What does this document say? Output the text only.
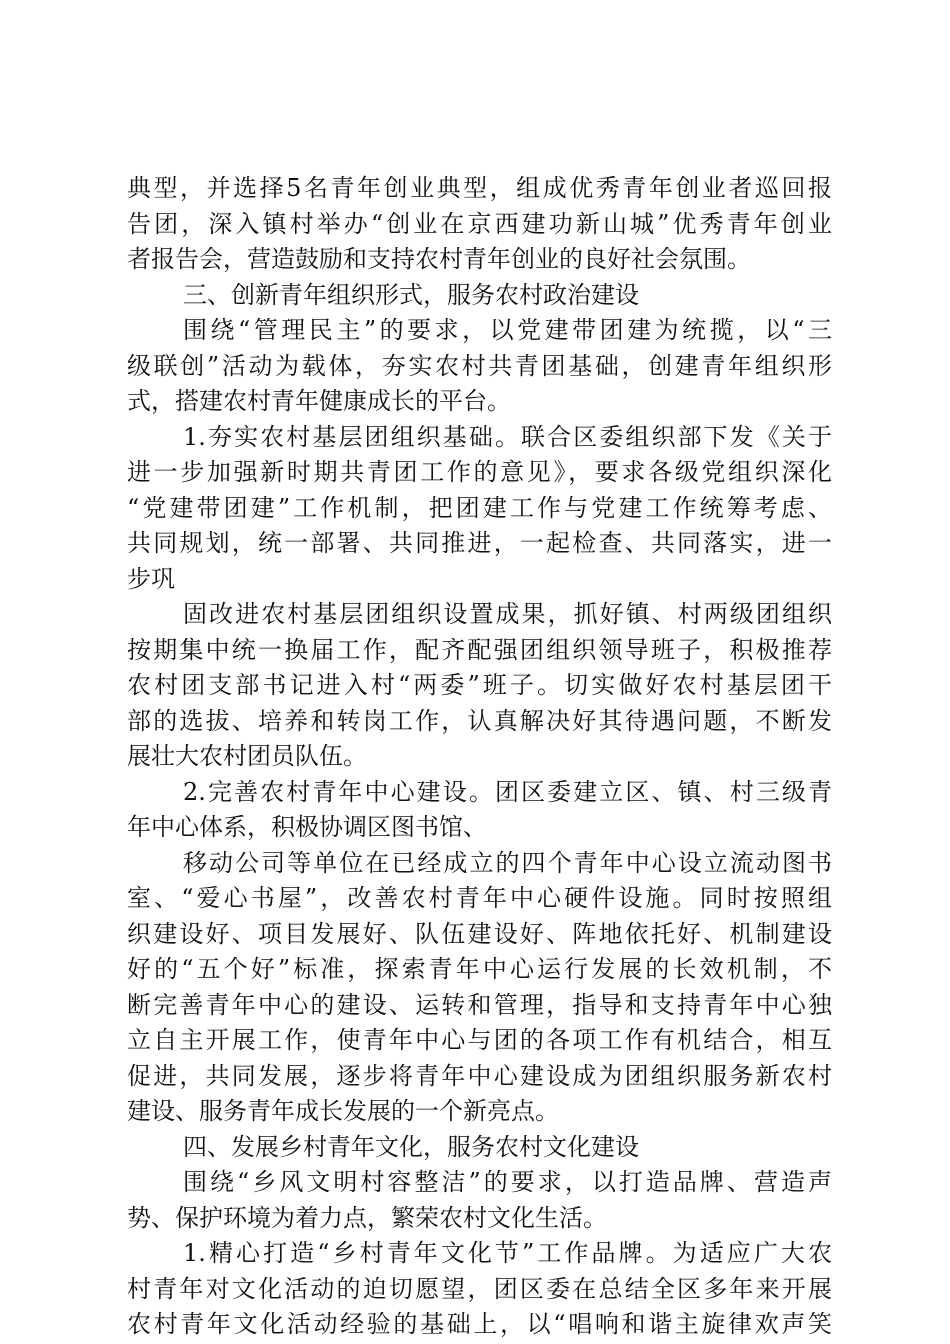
典型，并选择5名青年创业典型，组成优秀青年创业者巡回报
告团，深入镇村举办“创业在京西建功新山城”优秀青年创业
者报告会，营造鼓励和支持农村青年创业的良好社会氛围。
三、创新青年组织形式，服务农村政治建设
围绕“管理民主”的要求，以党建带团建为统揽，以“三
级联创”活动为载体，夯实农村共青团基础，创建青年组织形
式，搭建农村青年健康成长的平台。
1.夯实农村基层团组织基础。联合区委组织部下发《关于
进一步加强新时期共青团工作的意见》，要求各级党组织深化
“党建带团建”工作机制，把团建工作与党建工作统筹考虑、
共同规划，统一部署、共同推进，一起检查、共同落实，进一
步巩
固改进农村基层团组织设置成果，抓好镇、村两级团组织
按期集中统一换届工作，配齐配强团组织领导班子，积极推荐
农村团支部书记进入村“两委”班子。切实做好农村基层团干
部的选拔、培养和转岗工作，认真解决好其待遇问题，不断发
展壮大农村团员队伍。
2.完善农村青年中心建设。团区委建立区、镇、村三级青
年中心体系，积极协调区图书馆、
移动公司等单位在已经成立的四个青年中心设立流动图书
室、“爱心书屋”，改善农村青年中心硬件设施。同时按照组
织建设好、项目发展好、队伍建设好、阵地依托好、机制建设
好的“五个好”标准，探索青年中心运行发展的长效机制，不
断完善青年中心的建设、运转和管理，指导和支持青年中心独
立自主开展工作，使青年中心与团的各项工作有机结合，相互
促进，共同发展，逐步将青年中心建设成为团组织服务新农村
建设、服务青年成长发展的一个新亮点。
四、发展乡村青年文化，服务农村文化建设
围绕“乡风文明村容整洁”的要求，以打造品牌、营造声
势、保护环境为着力点，繁荣农村文化生活。
1.精心打造“乡村青年文化节”工作品牌。为适应广大农
村青年对文化活动的迫切愿望，团区委在总结全区多年来开展
农村青年文化活动经验的基础上，以“唱响和谐主旋律欢声笑
